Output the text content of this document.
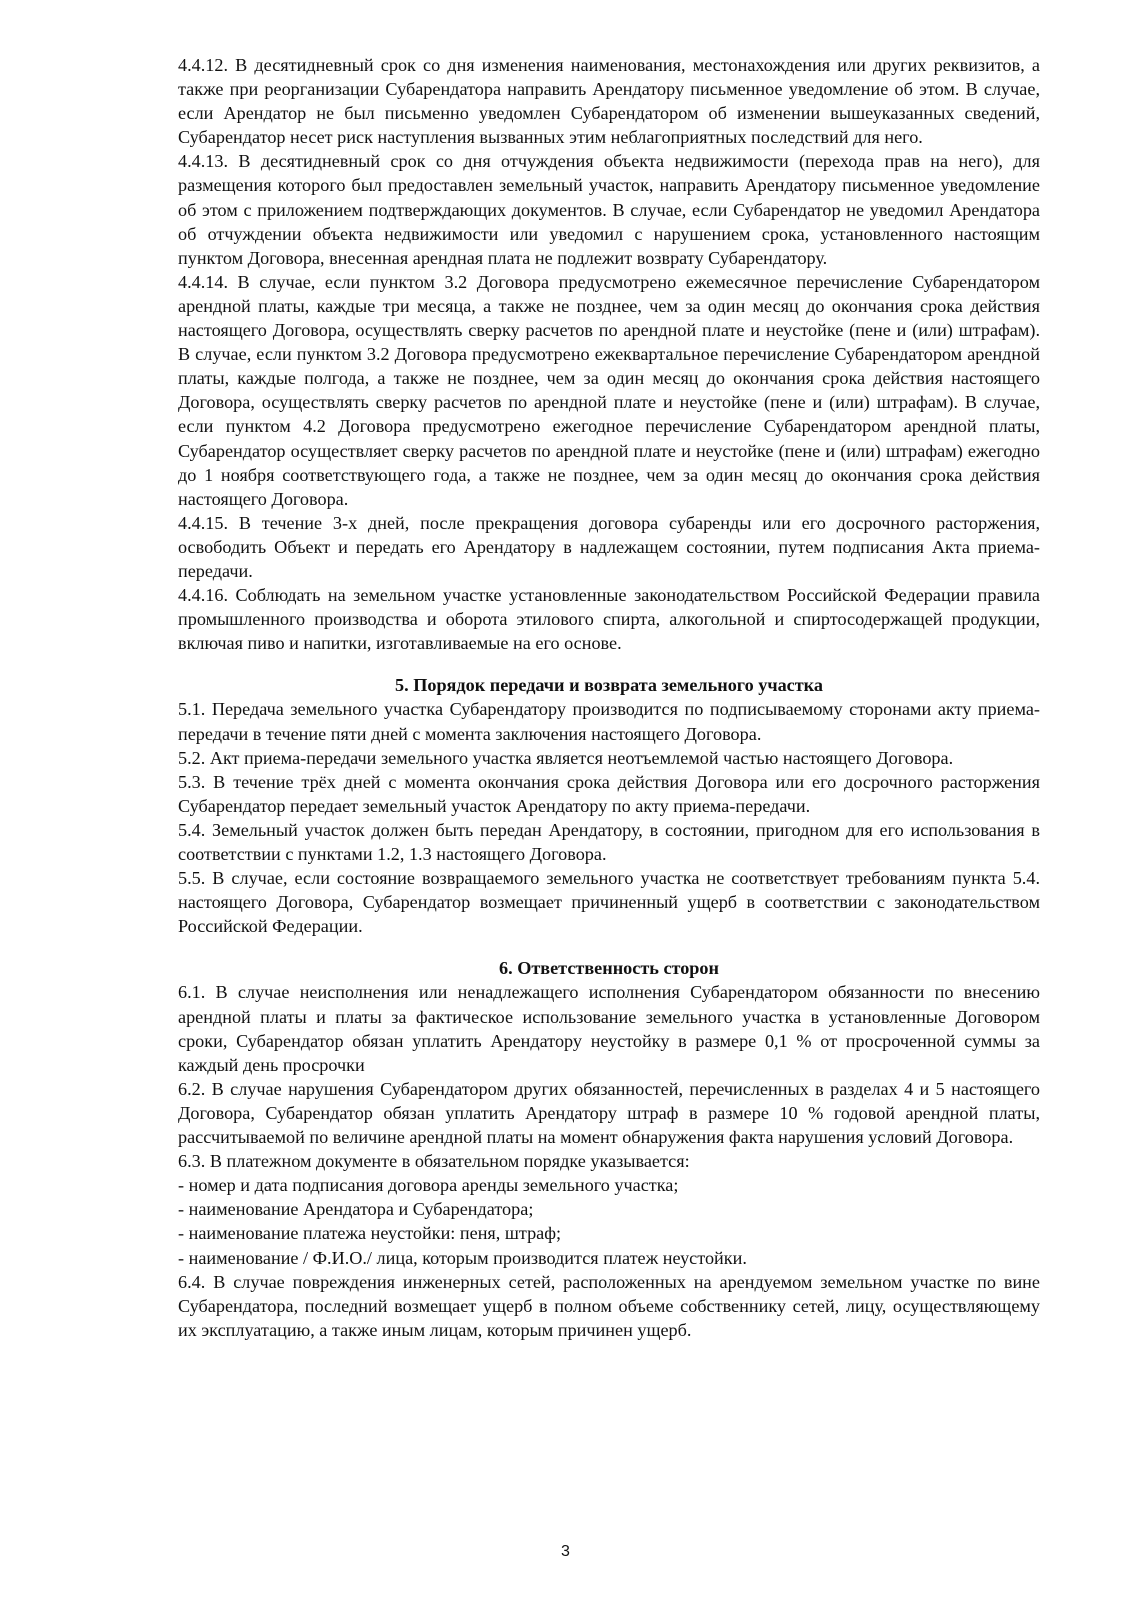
4.4.12. В десятидневный срок со дня изменения наименования, местонахождения или других реквизитов, а также при реорганизации Субарендатора направить Арендатору письменное уведомление об этом. В случае, если Арендатор не был письменно уведомлен Субарендатором об изменении вышеуказанных сведений, Субарендатор несет риск наступления вызванных этим неблагоприятных последствий для него.

4.4.13. В десятидневный срок со дня отчуждения объекта недвижимости (перехода прав на него), для размещения которого был предоставлен земельный участок, направить Арендатору письменное уведомление об этом с приложением подтверждающих документов. В случае, если Субарендатор не уведомил Арендатора об отчуждении объекта недвижимости или уведомил с нарушением срока, установленного настоящим пунктом Договора, внесенная арендная плата не подлежит возврату Субарендатору.

4.4.14. В случае, если пунктом 3.2 Договора предусмотрено ежемесячное перечисление Субарендатором арендной платы, каждые три месяца, а также не позднее, чем за один месяц до окончания срока действия настоящего Договора, осуществлять сверку расчетов по арендной плате и неустойке (пене и (или) штрафам). В случае, если пунктом 3.2 Договора предусмотрено ежеквартальное перечисление Субарендатором арендной платы, каждые полгода, а также не позднее, чем за один месяц до окончания срока действия настоящего Договора, осуществлять сверку расчетов по арендной плате и неустойке (пене и (или) штрафам). В случае, если пунктом 4.2 Договора предусмотрено ежегодное перечисление Субарендатором арендной платы, Субарендатор осуществляет сверку расчетов по арендной плате и неустойке (пене и (или) штрафам) ежегодно до 1 ноября соответствующего года, а также не позднее, чем за один месяц до окончания срока действия настоящего Договора.

4.4.15. В течение 3-х дней, после прекращения договора субаренды или его досрочного расторжения, освободить Объект и передать его Арендатору в надлежащем состоянии, путем подписания Акта приема-передачи.

4.4.16. Соблюдать на земельном участке установленные законодательством Российской Федерации правила промышленного производства и оборота этилового спирта, алкогольной и спиртосодержащей продукции, включая пиво и напитки, изготавливаемые на его основе.

5. Порядок передачи и возврата земельного участка

5.1. Передача земельного участка Субарендатору производится по подписываемому сторонами акту приема-передачи в течение пяти дней с момента заключения настоящего Договора.

5.2. Акт приема-передачи земельного участка является неотъемлемой частью настоящего Договора.

5.3. В течение трёх дней с момента окончания срока действия Договора или его досрочного расторжения Субарендатор передает земельный участок Арендатору по акту приема-передачи.

5.4. Земельный участок должен быть передан Арендатору, в состоянии, пригодном для его использования в соответствии с пунктами 1.2, 1.3 настоящего Договора.

5.5. В случае, если состояние возвращаемого земельного участка не соответствует требованиям пункта 5.4. настоящего Договора, Субарендатор возмещает причиненный ущерб в соответствии с законодательством Российской Федерации.

6. Ответственность сторон

6.1. В случае неисполнения или ненадлежащего исполнения Субарендатором обязанности по внесению арендной платы и платы за фактическое использование земельного участка в установленные Договором сроки, Субарендатор обязан уплатить Арендатору неустойку в размере 0,1 % от просроченной суммы за каждый день просрочки

6.2. В случае нарушения Субарендатором других обязанностей, перечисленных в разделах 4 и 5 настоящего Договора, Субарендатор обязан уплатить Арендатору штраф в размере 10 % годовой арендной платы, рассчитываемой по величине арендной платы на момент обнаружения факта нарушения условий Договора.

6.3. В платежном документе в обязательном порядке указывается:

- номер и дата подписания договора аренды земельного участка;

- наименование Арендатора и Субарендатора;

- наименование платежа неустойки: пеня, штраф;

- наименование / Ф.И.О./ лица, которым производится платеж неустойки.

6.4. В случае повреждения инженерных сетей, расположенных на арендуемом земельном участке по вине Субарендатора, последний возмещает ущерб в полном объеме собственнику сетей, лицу, осуществляющему их эксплуатацию, а также иным лицам, которым причинен ущерб.

3
